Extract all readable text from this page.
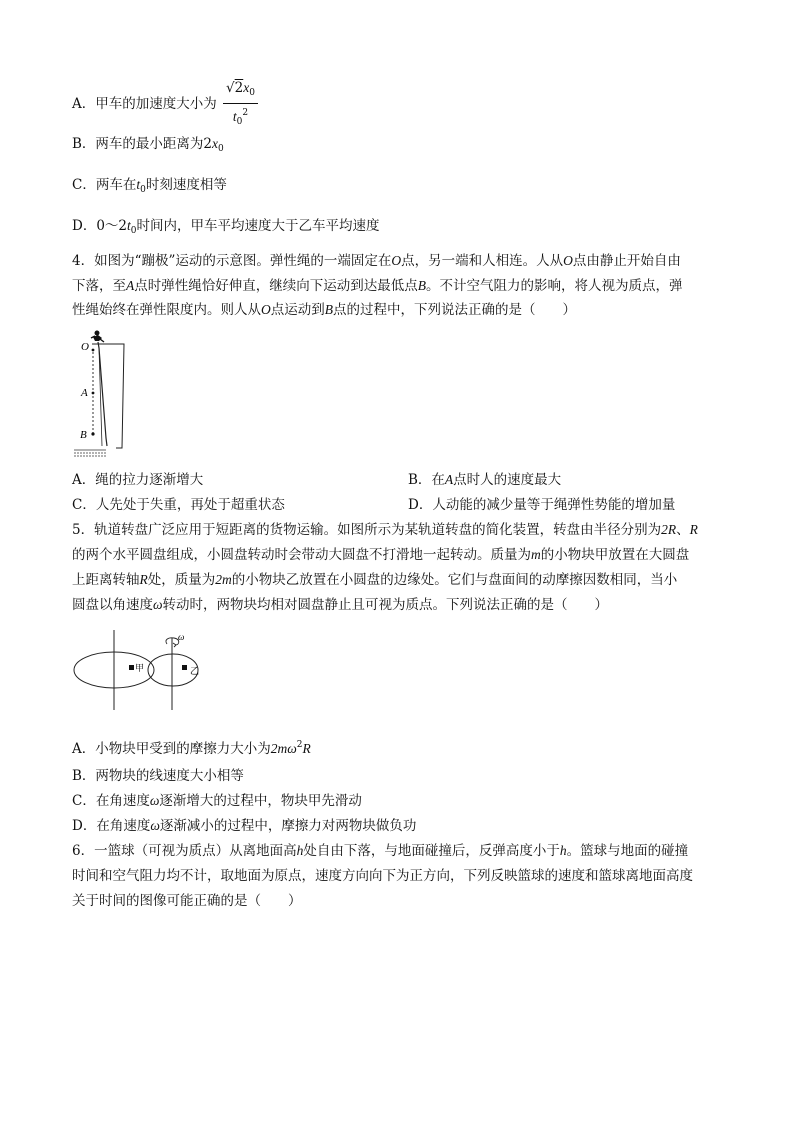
A．甲车的加速度大小为 $\frac{√2x_0}{t_0^2}$
B．两车的最小距离为$2x_0$
C．两车在$t_0$时刻速度相等
D．$0\sim 2t_0$时间内，甲车平均速度大于乙车平均速度
4．如图为“蹦极”运动的示意图。弹性绳的一端固定在O点，另一端和人相连。人从O点由静止开始自由
下落，至A点时弹性绳恰好伸直，继续向下运动到达最低点B。不计空气阻力的影响，将人视为质点，弹
性绳始终在弹性限度内。则人从O点运动到B点的过程中，下列说法正确的是（　　）
O
A
B
A．绳的拉力逐渐增大	B．在A点时人的速度最大
C．人先处于失重，再处于超重状态	D．人动能的减少量等于绳弹性势能的增加量
5．轨道转盘广泛应用于短距离的货物运输。如图所示为某轨道转盘的简化装置，转盘由半径分别为2R、R
的两个水平圆盘组成，小圆盘转动时会带动大圆盘不打滑地一起转动。质量为m的小物块甲放置在大圆盘
上距离转轴R处，质量为2m的小物块乙放置在小圆盘的边缘处。它们与盘面间的动摩擦因数相同，当小
圆盘以角速度ω转动时，两物块均相对圆盘静止且可视为质点。下列说法正确的是（　　）
ω
甲	乙
A．小物块甲受到的摩擦力大小为$2m\omega^2R$
B．两物块的线速度大小相等
C．在角速度ω逐渐增大的过程中，物块甲先滑动
D．在角速度ω逐渐减小的过程中，摩擦力对两物块做负功
6．一篮球（可视为质点）从离地面高h处自由下落，与地面碰撞后，反弹高度小于h。篮球与地面的碰撞
时间和空气阻力均不计，取地面为原点，速度方向向下为正方向，下列反映篮球的速度和篮球离地面高度
关于时间的图像可能正确的是（　　）
